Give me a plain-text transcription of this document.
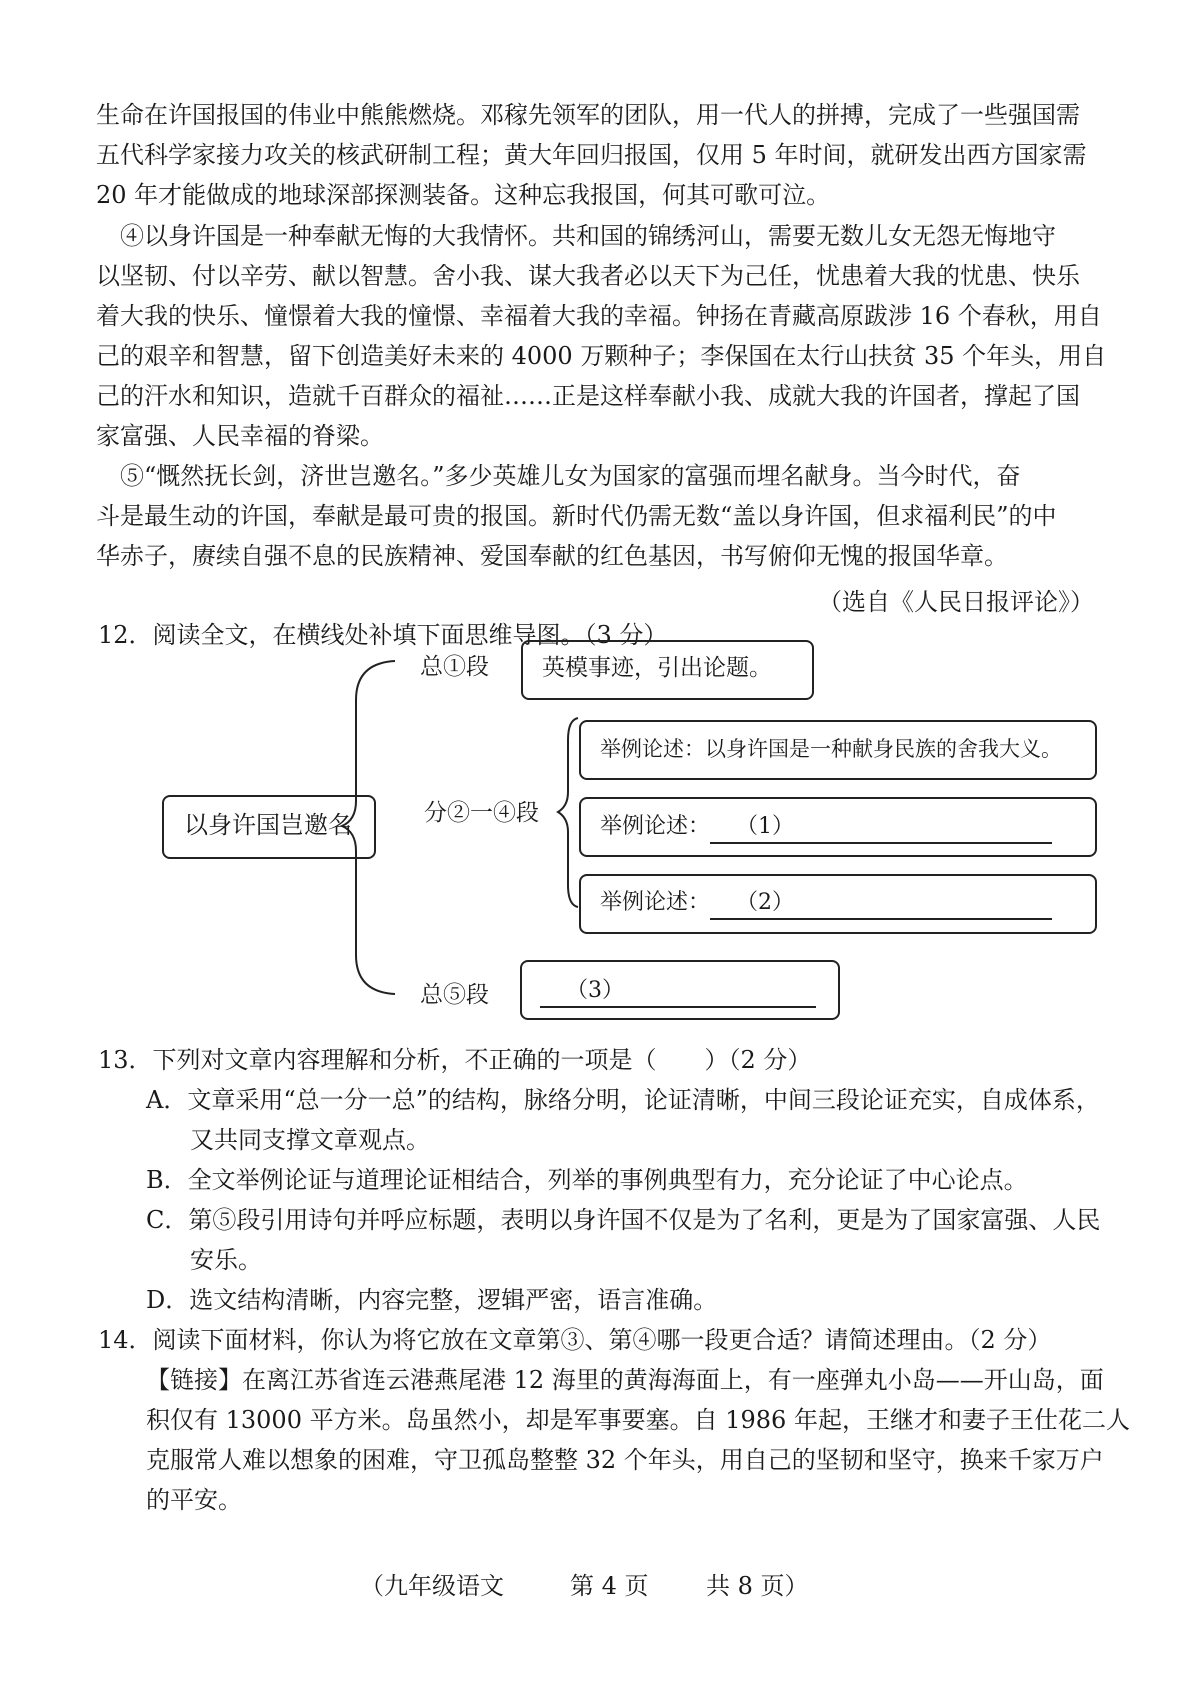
生命在许国报国的伟业中熊熊燃烧。邓稼先领军的团队，用一代人的拼搏，完成了一些强国需
五代科学家接力攻关的核武研制工程；黄大年回归报国，仅用 5 年时间，就研发出西方国家需
20 年才能做成的地球深部探测装备。这种忘我报国，何其可歌可泣。
④以身许国是一种奉献无悔的大我情怀。共和国的锦绣河山，需要无数儿女无怨无悔地守
以坚韧、付以辛劳、献以智慧。舍小我、谋大我者必以天下为己任，忧患着大我的忧患、快乐
着大我的快乐、憧憬着大我的憧憬、幸福着大我的幸福。钟扬在青藏高原跋涉 16 个春秋，用自
己的艰辛和智慧，留下创造美好未来的 4000 万颗种子；李保国在太行山扶贫 35 个年头，用自
己的汗水和知识，造就千百群众的福祉……正是这样奉献小我、成就大我的许国者，撑起了国
家富强、人民幸福的脊梁。
⑤“慨然抚长剑，济世岂邀名。”多少英雄儿女为国家的富强而埋名献身。当今时代，奋
斗是最生动的许国，奉献是最可贵的报国。新时代仍需无数“盖以身许国，但求福利民”的中
华赤子，赓续自强不息的民族精神、爱国奉献的红色基因，书写俯仰无愧的报国华章。
（选自《人民日报评论》）
12．阅读全文，在横线处补填下面思维导图。（3 分）
以身许国岂邀名
总①段 英模事迹，引出论题。
分②一④段
举例论述：以身许国是一种献身民族的舍我大义。
举例论述： （1）
举例论述： （2）
总⑤段	（3）
13．下列对文章内容理解和分析，不正确的一项是（　　）（2 分）
A．文章采用“总一分一总”的结构，脉络分明，论证清晰，中间三段论证充实，自成体系，
又共同支撑文章观点。
B．全文举例论证与道理论证相结合，列举的事例典型有力，充分论证了中心论点。
C．第⑤段引用诗句并呼应标题，表明以身许国不仅是为了名利，更是为了国家富强、人民
安乐。
D．选文结构清晰，内容完整，逻辑严密，语言准确。
14．阅读下面材料，你认为将它放在文章第③、第④哪一段更合适？请简述理由。（2 分）
【链接】在离江苏省连云港燕尾港 12 海里的黄海海面上，有一座弹丸小岛——开山岛，面
积仅有 13000 平方米。岛虽然小，却是军事要塞。自 1986 年起，王继才和妻子王仕花二人
克服常人难以想象的困难，守卫孤岛整整 32 个年头，用自己的坚韧和坚守，换来千家万户
的平安。
（九年级语文	第 4 页 共 8 页）
